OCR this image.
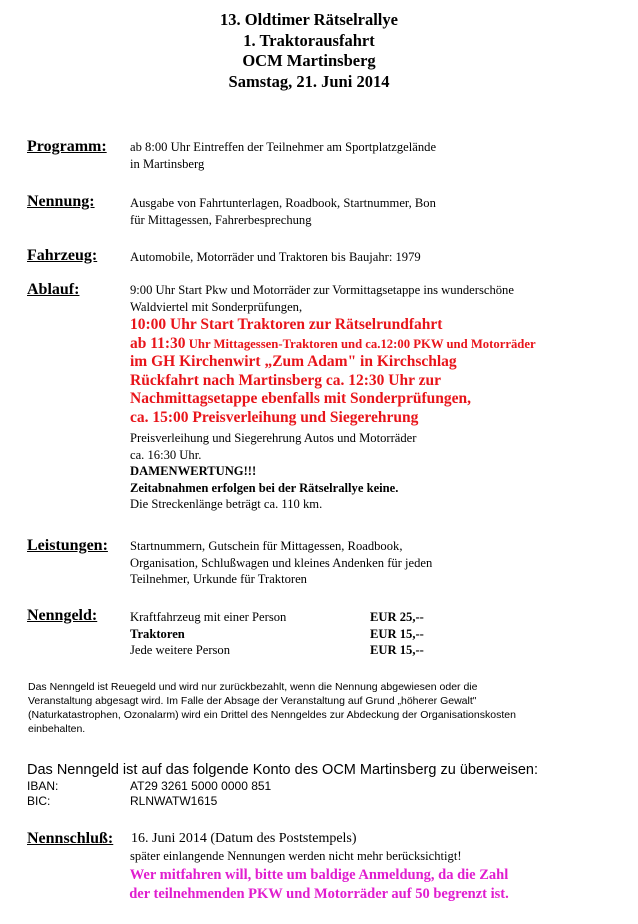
13. Oldtimer Rätselrallye
1. Traktorausfahrt
OCM Martinsberg
Samstag, 21. Juni 2014
Programm: ab 8:00 Uhr Eintreffen der Teilnehmer am Sportplatzgelände
in Martinsberg
Nennung:	Ausgabe von Fahrtunterlagen, Roadbook, Startnummer, Bon
für Mittagessen, Fahrerbesprechung
Fahrzeug:	Automobile, Motorräder und Traktoren bis Baujahr: 1979
Ablauf:	9:00 Uhr Start Pkw und Motorräder zur Vormittagsetappe ins wunderschöne
Waldviertel mit Sonderprüfungen,
10:00 Uhr Start Traktoren zur Rätselrundfahrt
ab 11:30 Uhr Mittagessen-Traktoren und ca.12:00 PKW und Motorräder
im GH Kirchenwirt „Zum Adam" in Kirchschlag
Rückfahrt nach Martinsberg ca. 12:30 Uhr zur
Nachmittagsetappe ebenfalls mit Sonderprüfungen,
ca. 15:00 Preisverleihung und Siegerehrung
Preisverleihung und Siegerehrung Autos und Motorräder
ca. 16:30 Uhr.
DAMENWERTUNG!!!
Zeitabnahmen erfolgen bei der Rätselrallye keine.
Die Streckenlänge beträgt ca. 110 km.
Leistungen: Startnummern, Gutschein für Mittagessen, Roadbook,
Organisation, Schlußwagen und kleines Andenken für jeden
Teilnehmer, Urkunde für Traktoren
Nenngeld:	Kraftfahrzeug mit einer Person	EUR 25,--
Traktoren	EUR 15,--
Jede weitere Person	EUR 15,--
Das Nenngeld ist Reuegeld und wird nur zurückbezahlt, wenn die Nennung abgewiesen oder die
Veranstaltung abgesagt wird. Im Falle der Absage der Veranstaltung auf Grund „höherer Gewalt"
(Naturkatastrophen, Ozonalarm) wird ein Drittel des Nenngeldes zur Abdeckung der Organisationskosten
einbehalten.
Das Nenngeld ist auf das folgende Konto des OCM Martinsberg zu überweisen:
IBAN:	AT29 3261 5000 0000 851
BIC:	RLNWATW1615
Nennschluß: 16. Juni 2014 (Datum des Poststempels)
später einlangende Nennungen werden nicht mehr berücksichtigt!
Wer mitfahren will, bitte um baldige Anmeldung, da die Zahl
der teilnehmenden PKW und Motorräder auf 50 begrenzt ist.
